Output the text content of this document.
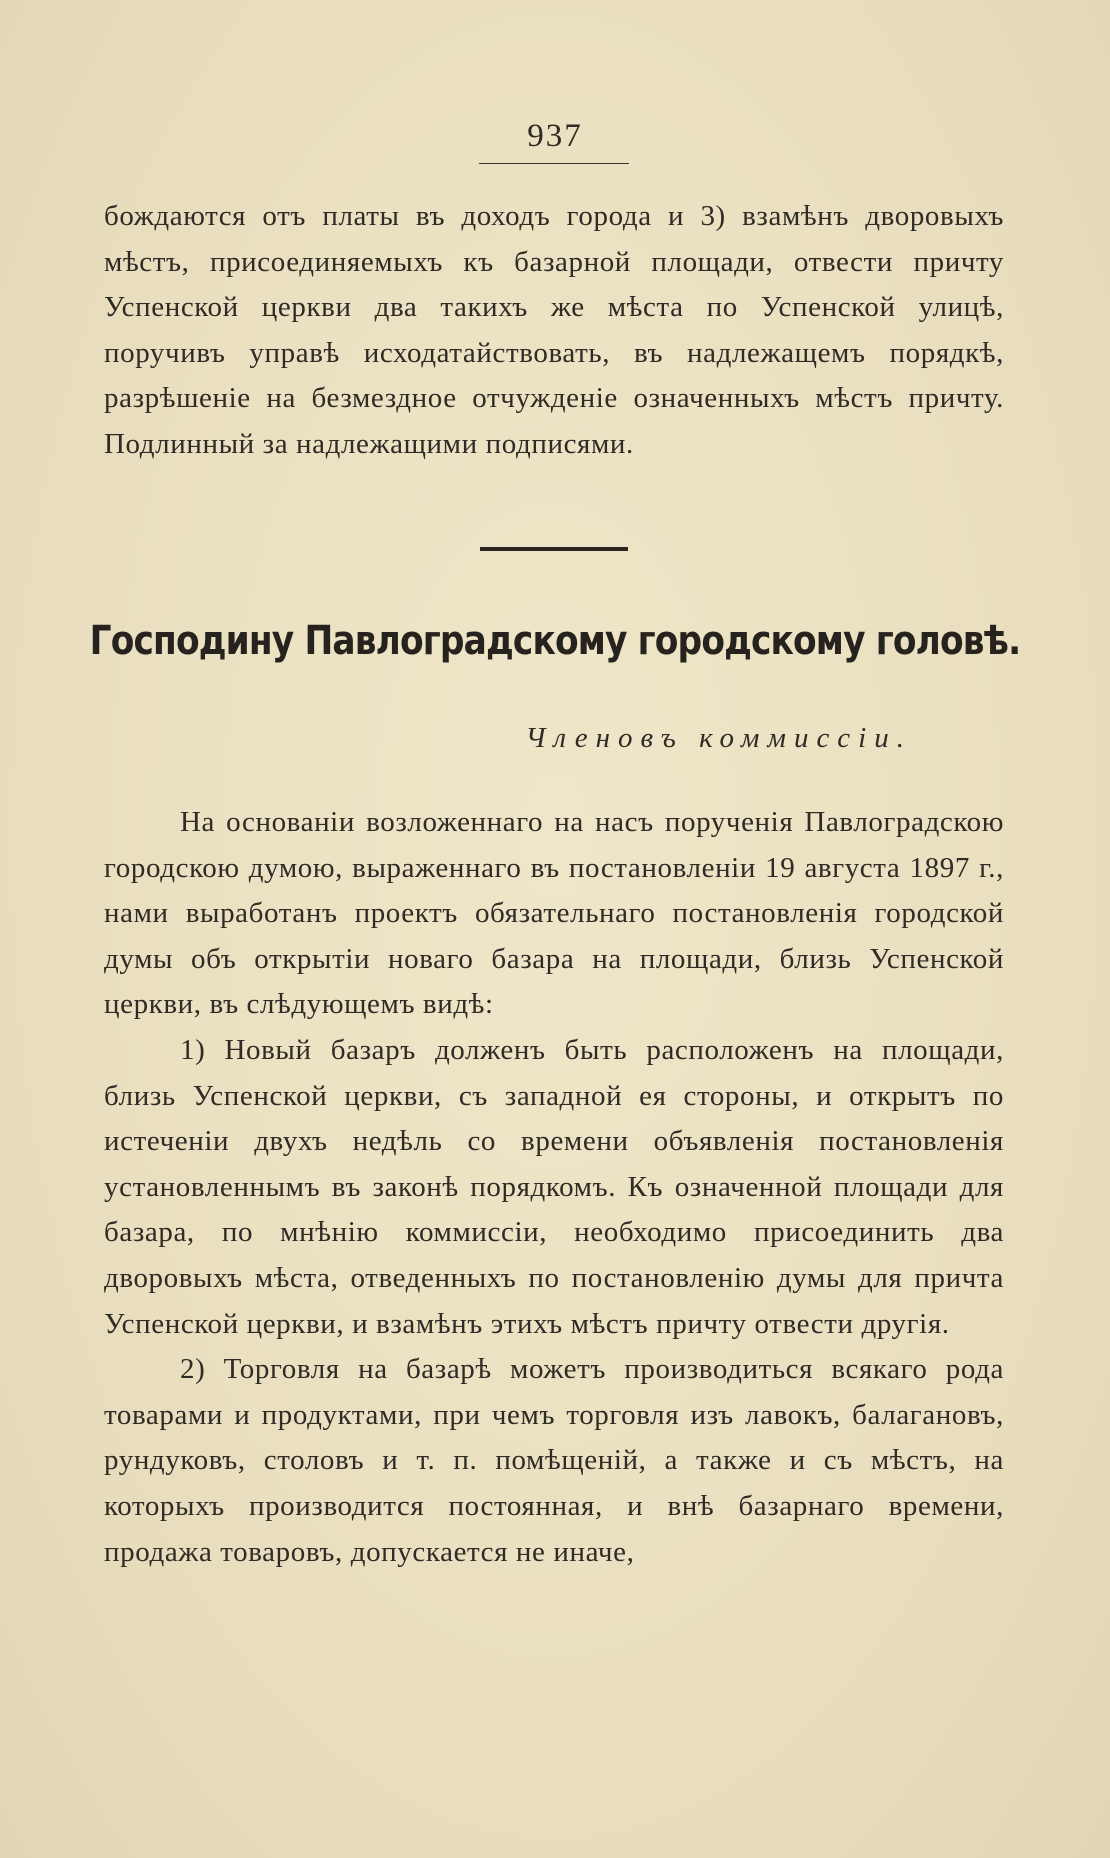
937

бождаются отъ платы въ доходъ города и 3) взамѣнъ дворовыхъ мѣстъ, присоединяемыхъ къ базарной площади, отвести причту Успенской церкви два такихъ же мѣста по Успенской улицѣ, поручивъ управѣ исходатайствовать, въ надлежащемъ порядкѣ, разрѣшеніе на безмездное отчужденіе означенныхъ мѣстъ причту. Подлинный за надлежащими подписями.

Господину Павлоградскому городскому головѣ.
Членовъ коммиссіи.

На основаніи возложеннаго на насъ порученія Павлоградскою городскою думою, выраженнаго въ постановленіи 19 августа 1897 г., нами выработанъ проектъ обязательнаго постановленія городской думы объ открытіи новаго базара на площади, близь Успенской церкви, въ слѣдующемъ видѣ:

1) Новый базаръ долженъ быть расположенъ на площади, близь Успенской церкви, съ западной ея стороны, и открытъ по истеченіи двухъ недѣль со времени объявленія постановленія установленнымъ въ законѣ порядкомъ. Къ означенной площади для базара, по мнѣнію коммиссіи, необходимо присоединить два дворовыхъ мѣста, отведенныхъ по постановленію думы для причта Успенской церкви, и взамѣнъ этихъ мѣстъ причту отвести другія.

2) Торговля на базарѣ можетъ производиться всякаго рода товарами и продуктами, при чемъ торговля изъ лавокъ, балагановъ, рундуковъ, столовъ и т. п. помѣщеній, а также и съ мѣстъ, на которыхъ производится постоянная, и внѣ базарнаго времени, продажа товаровъ, допускается не иначе,
